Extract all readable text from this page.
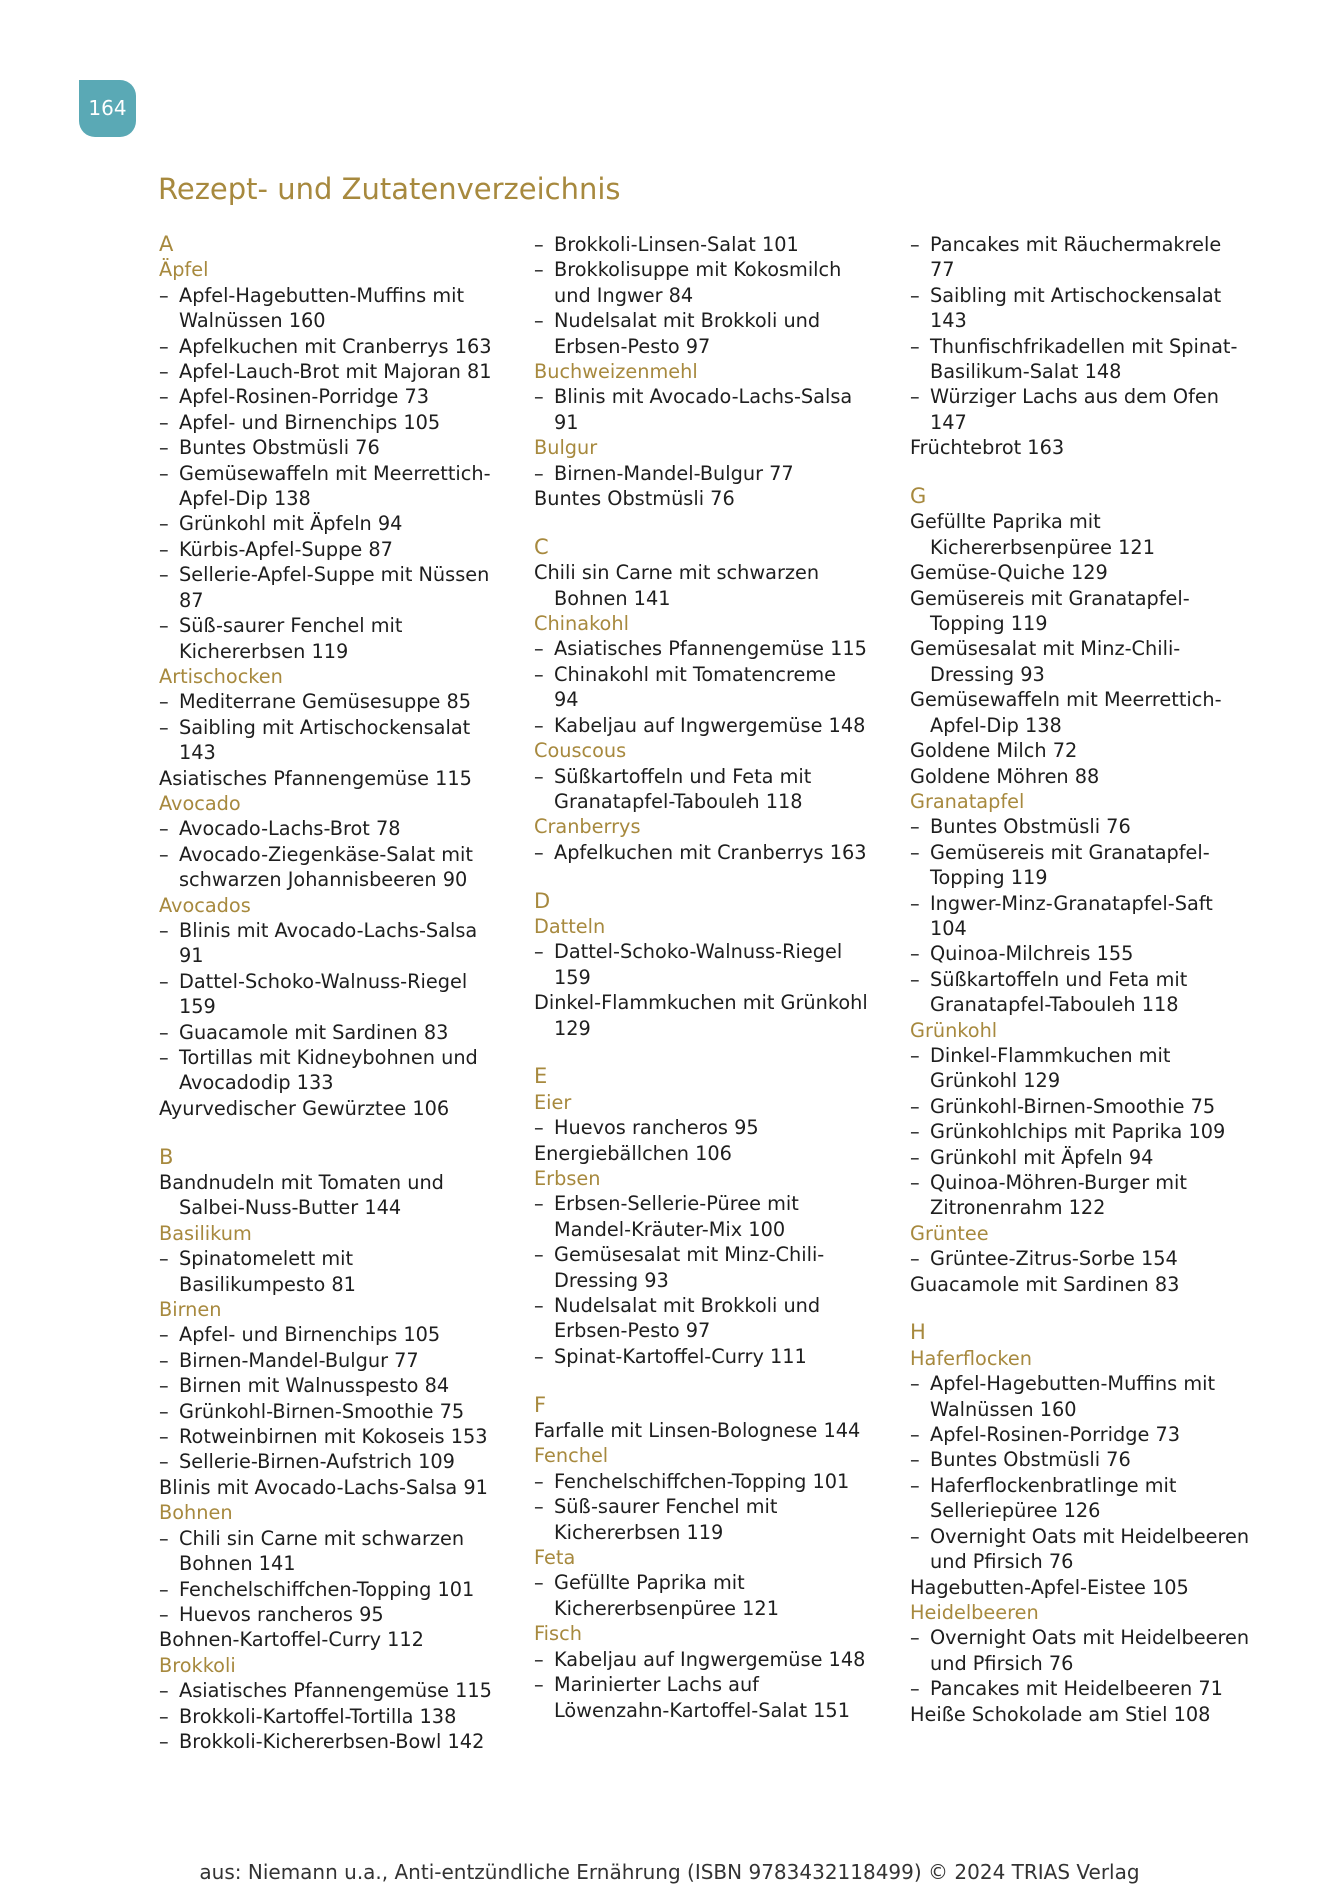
164
Rezept- und Zutatenverzeichnis
A
Äpfel
– Apfel-Hagebutten-Muffins mit
Walnüssen 160
– Apfelkuchen mit Cranberrys 163
– Apfel-Lauch-Brot mit Majoran 81
– Apfel-Rosinen-Porridge 73
– Apfel- und Birnenchips 105
– Buntes Obstmüsli 76
– Gemüsewaffeln mit Meerrettich-
Apfel-Dip 138
– Grünkohl mit Äpfeln 94
– Kürbis-Apfel-Suppe 87
– Sellerie-Apfel-Suppe mit Nüssen
87
– Süß-saurer Fenchel mit
Kichererbsen 119
Artischocken
– Mediterrane Gemüsesuppe 85
– Saibling mit Artischockensalat
143
Asiatisches Pfannengemüse 115
Avocado
– Avocado-Lachs-Brot 78
– Avocado-Ziegenkäse-Salat mit
schwarzen Johannisbeeren 90
Avocados
– Blinis mit Avocado-Lachs-Salsa
91
– Dattel-Schoko-Walnuss-Riegel
159
– Guacamole mit Sardinen 83
– Tortillas mit Kidneybohnen und
Avocadodip 133
Ayurvedischer Gewürztee 106
B
Bandnudeln mit Tomaten und
Salbei-Nuss-Butter 144
Basilikum
– Spinatomelett mit
Basilikumpesto 81
Birnen
– Apfel- und Birnenchips 105
– Birnen-Mandel-Bulgur 77
– Birnen mit Walnusspesto 84
– Grünkohl-Birnen-Smoothie 75
– Rotweinbirnen mit Kokoseis 153
– Sellerie-Birnen-Aufstrich 109
Blinis mit Avocado-Lachs-Salsa 91
Bohnen
– Chili sin Carne mit schwarzen
Bohnen 141
– Fenchelschiffchen-Topping 101
– Huevos rancheros 95
Bohnen-Kartoffel-Curry 112
Brokkoli
– Asiatisches Pfannengemüse 115
– Brokkoli-Kartoffel-Tortilla 138
– Brokkoli-Kichererbsen-Bowl 142
– Brokkoli-Linsen-Salat 101
– Brokkolisuppe mit Kokosmilch
und Ingwer 84
– Nudelsalat mit Brokkoli und
Erbsen-Pesto 97
Buchweizenmehl
– Blinis mit Avocado-Lachs-Salsa
91
Bulgur
– Birnen-Mandel-Bulgur 77
Buntes Obstmüsli 76
C
Chili sin Carne mit schwarzen
Bohnen 141
Chinakohl
– Asiatisches Pfannengemüse 115
– Chinakohl mit Tomatencreme
94
– Kabeljau auf Ingwergemüse 148
Couscous
– Süßkartoffeln und Feta mit
Granatapfel-Tabouleh 118
Cranberrys
– Apfelkuchen mit Cranberrys 163
D
Datteln
– Dattel-Schoko-Walnuss-Riegel
159
Dinkel-Flammkuchen mit Grünkohl
129
E
Eier
– Huevos rancheros 95
Energiebällchen 106
Erbsen
– Erbsen-Sellerie-Püree mit
Mandel-Kräuter-Mix 100
– Gemüsesalat mit Minz-Chili-
Dressing 93
– Nudelsalat mit Brokkoli und
Erbsen-Pesto 97
– Spinat-Kartoffel-Curry 111
F
Farfalle mit Linsen-Bolognese 144
Fenchel
– Fenchelschiffchen-Topping 101
– Süß-saurer Fenchel mit
Kichererbsen 119
Feta
– Gefüllte Paprika mit
Kichererbsenpüree 121
Fisch
– Kabeljau auf Ingwergemüse 148
– Marinierter Lachs auf
Löwenzahn-Kartoffel-Salat 151
– Pancakes mit Räuchermakrele
77
– Saibling mit Artischockensalat
143
– Thunfischfrikadellen mit Spinat-
Basilikum-Salat 148
– Würziger Lachs aus dem Ofen
147
Früchtebrot 163
G
Gefüllte Paprika mit
Kichererbsenpüree 121
Gemüse-Quiche 129
Gemüsereis mit Granatapfel-
Topping 119
Gemüsesalat mit Minz-Chili-
Dressing 93
Gemüsewaffeln mit Meerrettich-
Apfel-Dip 138
Goldene Milch 72
Goldene Möhren 88
Granatapfel
– Buntes Obstmüsli 76
– Gemüsereis mit Granatapfel-
Topping 119
– Ingwer-Minz-Granatapfel-Saft
104
– Quinoa-Milchreis 155
– Süßkartoffeln und Feta mit
Granatapfel-Tabouleh 118
Grünkohl
– Dinkel-Flammkuchen mit
Grünkohl 129
– Grünkohl-Birnen-Smoothie 75
– Grünkohlchips mit Paprika 109
– Grünkohl mit Äpfeln 94
– Quinoa-Möhren-Burger mit
Zitronenrahm 122
Grüntee
– Grüntee-Zitrus-Sorbe 154
Guacamole mit Sardinen 83
H
Haferflocken
– Apfel-Hagebutten-Muffins mit
Walnüssen 160
– Apfel-Rosinen-Porridge 73
– Buntes Obstmüsli 76
– Haferflockenbratlinge mit
Selleriepüree 126
– Overnight Oats mit Heidelbeeren
und Pfirsich 76
Hagebutten-Apfel-Eistee 105
Heidelbeeren
– Overnight Oats mit Heidelbeeren
und Pfirsich 76
– Pancakes mit Heidelbeeren 71
Heiße Schokolade am Stiel 108
aus: Niemann u.a., Anti-entzündliche Ernährung (ISBN 9783432118499) © 2024 TRIAS Verlag
